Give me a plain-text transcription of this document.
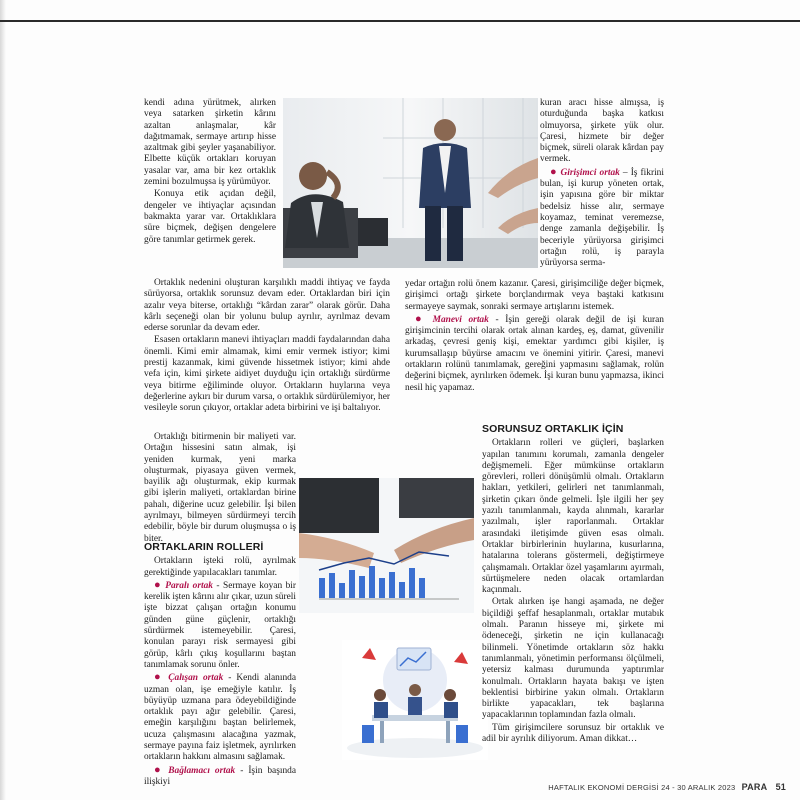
kendi adına yürütmek, alırken veya satarken şirketin kârını azaltan anlaşmalar, kâr dağıtmamak, sermaye artırıp hisse azaltmak gibi şeyler yaşanabiliyor. Elbette küçük ortakları koruyan yasalar var, ama bir kez ortaklık zemini bozulmuşsa iş yürümüyor.

Konuya etik açıdan değil, dengeler ve ihtiyaçlar açısından bakmakta yarar var. Ortaklıklara süre biçmek, değişen dengelere göre tanımlar getirmek gerek.

Ortaklık nedenini oluşturan karşılıklı maddi ihtiyaç ve fayda sürüyorsa, ortaklık sorunsuz devam eder. Ortaklardan biri için azalır veya biterse, ortaklığı “kârdan zarar” olarak görür. Daha kârlı seçeneği olan bir yolunu bulup ayrılır, ayrılmaz devam ederse sorunlar da devam eder.

Esasen ortakların manevi ihtiyaçları maddi faydalarından daha önemli. Kimi emir almamak, kimi emir vermek istiyor; kimi prestij kazanmak, kimi güvende hissetmek istiyor; kimi ahde vefa için, kimi şirkete aidiyet duyduğu için ortaklığı sürdürme veya bitirme eğiliminde oluyor. Ortakların huylarına veya değerlerine aykırı bir durum varsa, o ortaklık sürdürülemiyor, her vesileyle sorun çıkıyor, ortaklar adeta birbirini ve işi baltalıyor.

Ortaklığı bitirmenin bir maliyeti var. Ortağın hissesini satın almak, işi yeniden kurmak, yeni marka oluşturmak, piyasaya güven vermek, bayilik ağı oluşturmak, ekip kurmak gibi işlerin maliyeti, ortaklardan birine pahalı, diğerine ucuz gelebilir. İşi bilen ayrılmayı, bilmeyen sürdürmeyi tercih edebilir, böyle bir durum oluşmuşsa o iş biter.

ORTAKLARIN ROLLERİ

Ortakların işteki rolü, ayrılmak gerektiğinde yapılacakları tanımlar.

● Paralı ortak - Sermaye koyan bir kerelik işten kârını alır çıkar, uzun süreli işte bizzat çalışan ortağın konumu günden güne güçlenir, ortaklığı sürdürmek istemeyebilir. Çaresi, konulan parayı risk sermayesi gibi görüp, kârlı çıkış koşullarını baştan tanımlamak sorunu önler.

● Çalışan ortak - Kendi alanında uzman olan, işe emeğiyle katılır. İş büyüyüp uzmana para ödeyebildiğinde ortaklık payı ağır gelebilir. Çaresi, emeğin karşılığını baştan belirlemek, ucuza çalışmasını alacağına yazmak, sermaye payına faiz işletmek, ayrılırken ortakların hakkını almasını sağlamak.

● Bağlamacı ortak - İşin başında ilişkiyi

kuran aracı hisse almışsa, iş oturduğunda başka katkısı olmuyorsa, şirkete yük olur. Çaresi, hizmete bir değer biçmek, süreli olarak kârdan pay vermek.

● Girişimci ortak – İş fikrini bulan, işi kurup yöneten ortak, işin yapısına göre bir miktar bedelsiz hisse alır, sermaye koyamaz, teminat veremezse, denge zamanla değişebilir. İş beceriyle yürüyorsa girişimci ortağın rolü, iş parayla yürüyorsa serma-

yedar ortağın rolü önem kazanır. Çaresi, girişimciliğe değer biçmek, girişimci ortağı şirkete borçlandırmak veya baştaki katkısını sermayeye saymak, sonraki sermaye artışlarını istemek.

● Manevi ortak - İşin gereği olarak değil de işi kuran girişimcinin tercihi olarak ortak alınan kardeş, eş, damat, güvenilir arkadaş, çevresi geniş kişi, emektar yardımcı gibi kişiler, iş kurumsallaşıp büyürse amacını ve önemini yitirir. Çaresi, manevi ortakların rolünü tanımlamak, gereğini yapmasını sağlamak, rolün değerini biçmek, ayrılırken ödemek. İşi kuran bunu yapmazsa, ikinci nesil hiç yapamaz.

SORUNSUZ ORTAKLIK İÇİN

Ortakların rolleri ve güçleri, başlarken yapılan tanımını korumalı, zamanla dengeler değişmemeli. Eğer mümkünse ortakların görevleri, rolleri dönüşümlü olmalı. Ortakların hakları, yetkileri, gelirleri net tanımlanmalı, şirketin çıkarı önde gelmeli. İşle ilgili her şey yazılı tanımlanmalı, kayda alınmalı, kararlar yazılmalı, işler raporlanmalı. Ortaklar arasındaki iletişimde güven esas olmalı. Ortaklar birbirlerinin huylarına, kusurlarına, hatalarına tolerans göstermeli, değiştirmeye çalışmamalı. Ortaklar özel yaşamlarını ayırmalı, sürtüşmelere neden olacak ortamlardan kaçınmalı.

Ortak alırken işe hangi aşamada, ne değer biçildiği şeffaf hesaplanmalı, ortaklar mutabık olmalı. Paranın hisseye mi, şirkete mi ödeneceği, şirketin ne için kullanacağı bilinmeli. Yönetimde ortakların söz hakkı tanımlanmalı, yönetimin performansı ölçülmeli, yetersiz kalması durumunda yaptırımlar konulmalı. Ortakların hayata bakışı ve işten beklentisi birbirine yakın olmalı. Ortakların birlikte yapacakları, tek başlarına yapacaklarının toplamından fazla olmalı.

Tüm girişimcilere sorunsuz bir ortaklık ve adil bir ayrılık diliyorum. Aman dikkat…

HAFTALIK EKONOMİ DERGİSİ 24 - 30 ARALIK 2023 PARA 51
